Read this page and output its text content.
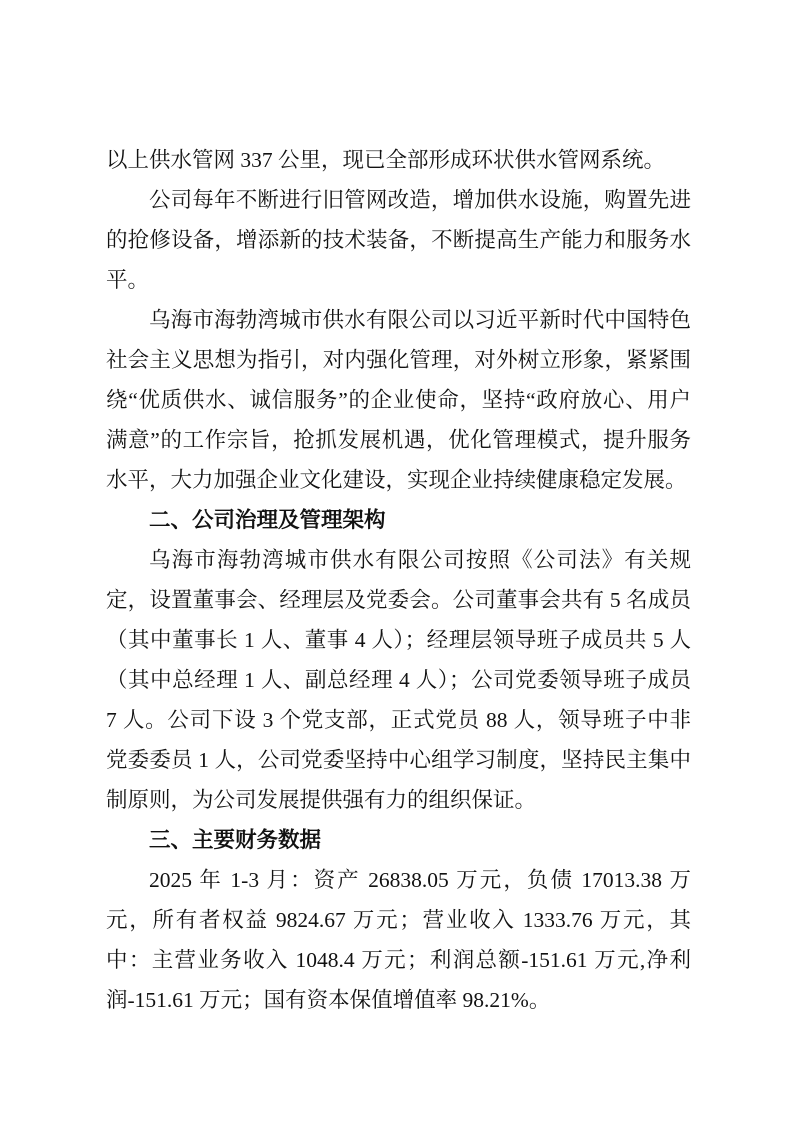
以上供水管网 337 公里，现已全部形成环状供水管网系统。

公司每年不断进行旧管网改造，增加供水设施，购置先进的抢修设备，增添新的技术装备，不断提高生产能力和服务水平。

乌海市海勃湾城市供水有限公司以习近平新时代中国特色社会主义思想为指引，对内强化管理，对外树立形象，紧紧围绕“优质供水、诚信服务”的企业使命，坚持“政府放心、用户满意”的工作宗旨，抢抓发展机遇，优化管理模式，提升服务水平，大力加强企业文化建设，实现企业持续健康稳定发展。

二、公司治理及管理架构

乌海市海勃湾城市供水有限公司按照《公司法》有关规定，设置董事会、经理层及党委会。公司董事会共有 5 名成员（其中董事长 1 人、董事 4 人）；经理层领导班子成员共 5 人（其中总经理 1 人、副总经理 4 人）；公司党委领导班子成员 7 人。公司下设 3 个党支部，正式党员 88 人，领导班子中非党委委员 1 人，公司党委坚持中心组学习制度，坚持民主集中制原则，为公司发展提供强有力的组织保证。

三、主要财务数据

2025 年 1-3 月：资产 26838.05 万元，负债 17013.38 万元，所有者权益 9824.67 万元；营业收入 1333.76 万元，其中：主营业务收入 1048.4 万元；利润总额-151.61 万元,净利润-151.61 万元；国有资本保值增值率 98.21%。
